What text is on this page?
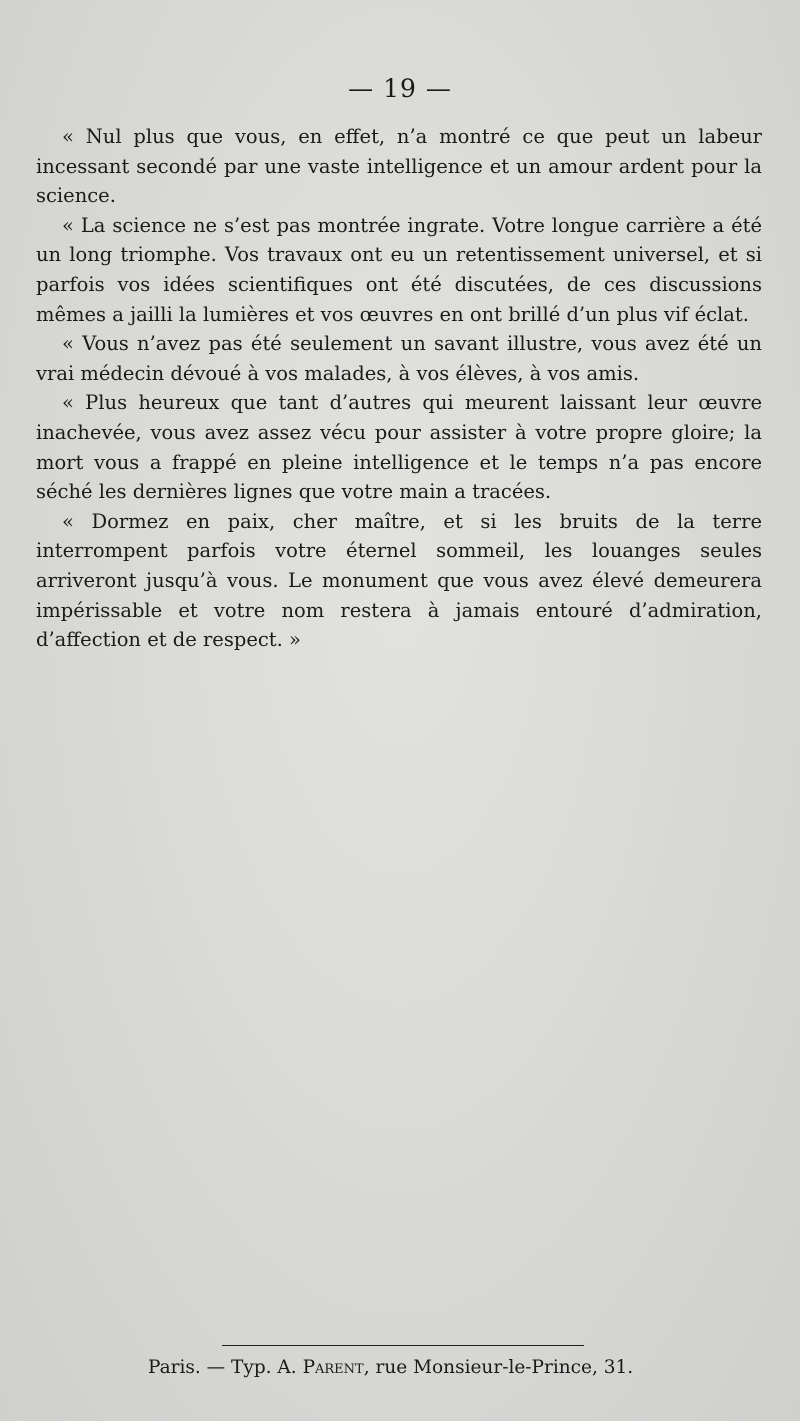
— 19 —

« Nul plus que vous, en effet, n’a montré ce que peut un labeur incessant secondé par une vaste intelligence et un amour ardent pour la science.

« La science ne s’est pas montrée ingrate. Votre longue carrière a été un long triomphe. Vos travaux ont eu un retentissement universel, et si parfois vos idées scientifiques ont été discutées, de ces discussions mêmes a jailli la lumières et vos œuvres en ont brillé d’un plus vif éclat.

« Vous n’avez pas été seulement un savant illustre, vous avez été un vrai médecin dévoué à vos malades, à vos élèves, à vos amis.

« Plus heureux que tant d’autres qui meurent laissant leur œuvre inachevée, vous avez assez vécu pour assister à votre propre gloire; la mort vous a frappé en pleine intelligence et le temps n’a pas encore séché les dernières lignes que votre main a tracées.

« Dormez en paix, cher maître, et si les bruits de la terre interrompent parfois votre éternel sommeil, les louanges seules arriveront jusqu’à vous. Le monument que vous avez élevé demeurera impérissable et votre nom restera à jamais entouré d’admiration, d’affection et de respect. »

Paris. — Typ. A. Parent, rue Monsieur-le-Prince, 31.
